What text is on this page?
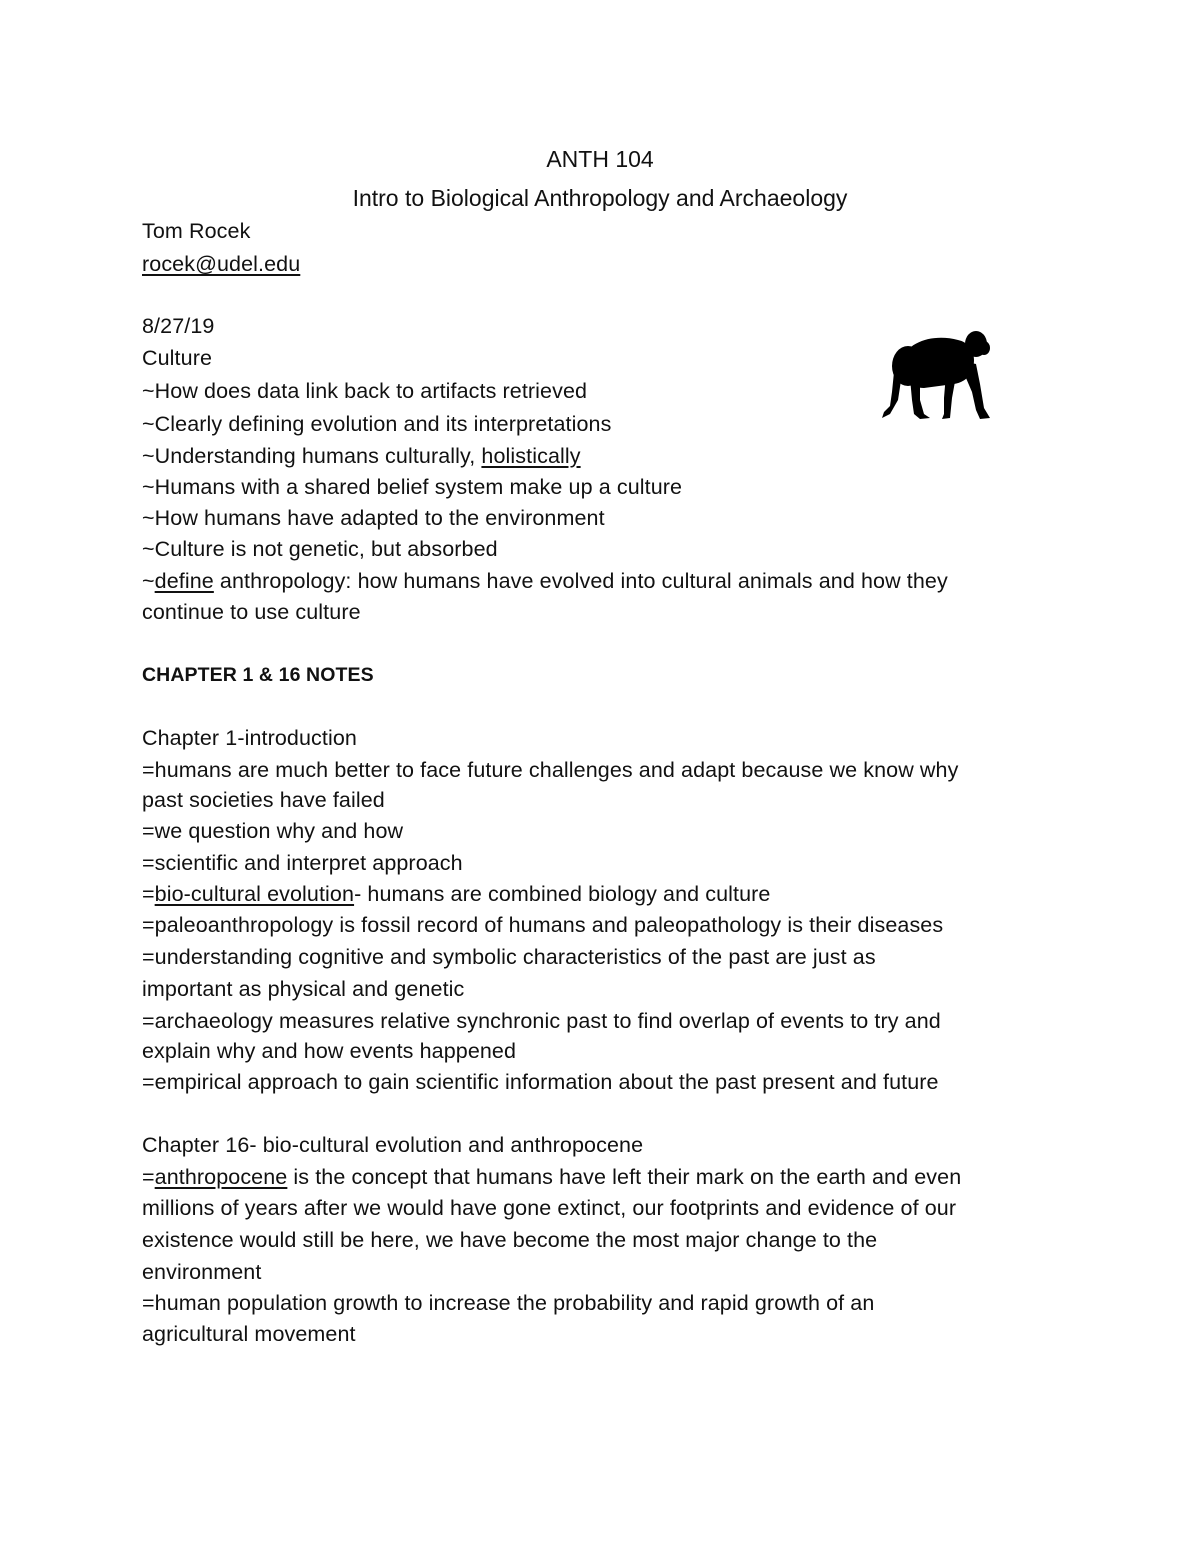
ANTH 104
Intro to Biological Anthropology and Archaeology
Tom Rocek
rocek@udel.edu
8/27/19
Culture
~How does data link back to artifacts retrieved
~Clearly defining evolution and its interpretations
~Understanding humans culturally, holistically
~Humans with a shared belief system make up a culture
~How humans have adapted to the environment
~Culture is not genetic, but absorbed
~define anthropology: how humans have evolved into cultural animals and how they
continue to use culture
CHAPTER 1 & 16 NOTES
Chapter 1-introduction
=humans are much better to face future challenges and adapt because we know why
past societies have failed
=we question why and how
=scientific and interpret approach
=bio-cultural evolution- humans are combined biology and culture
=paleoanthropology is fossil record of humans and paleopathology is their diseases
=understanding cognitive and symbolic characteristics of the past are just as
important as physical and genetic
=archaeology measures relative synchronic past to find overlap of events to try and
explain why and how events happened
=empirical approach to gain scientific information about the past present and future
Chapter 16- bio-cultural evolution and anthropocene
=anthropocene is the concept that humans have left their mark on the earth and even
millions of years after we would have gone extinct, our footprints and evidence of our
existence would still be here, we have become the most major change to the
environment
=human population growth to increase the probability and rapid growth of an
agricultural movement
